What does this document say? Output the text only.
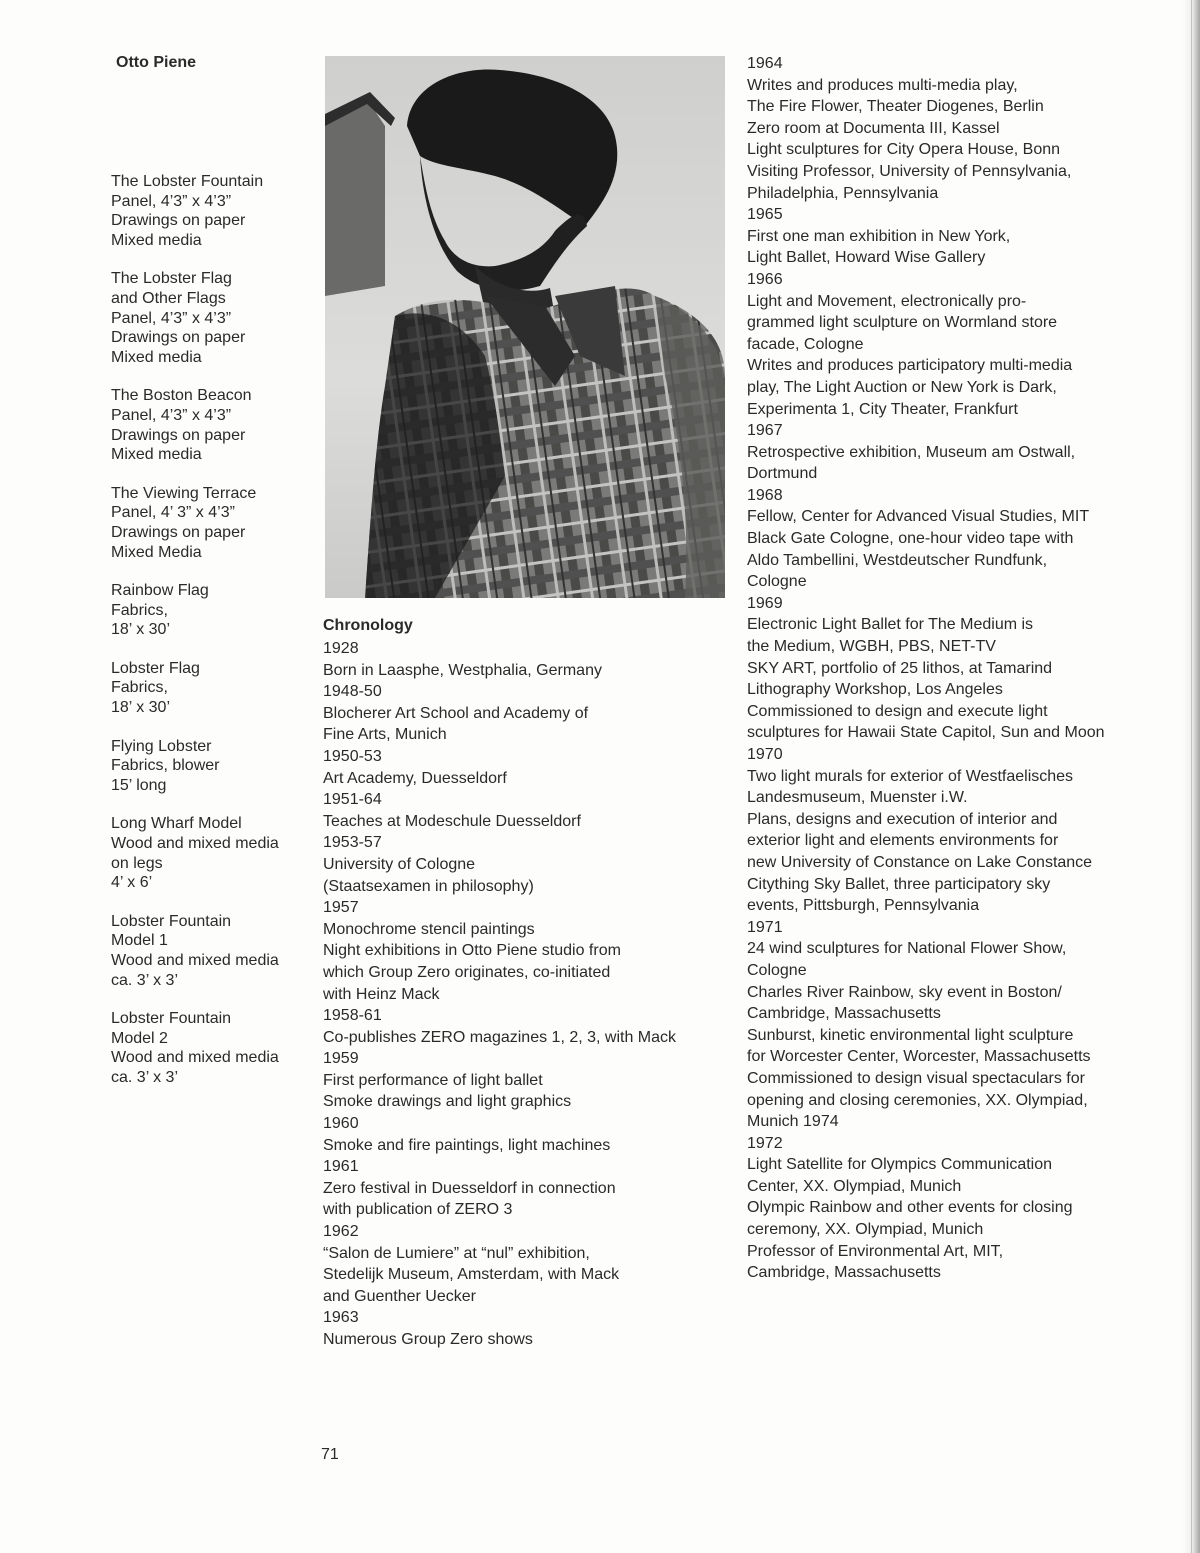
Otto Piene
The Lobster Fountain
Panel, 4’3” x 4’3”
Drawings on paper
Mixed media
The Lobster Flag
and Other Flags
Panel, 4’3” x 4’3”
Drawings on paper
Mixed media
The Boston Beacon
Panel, 4’3” x 4’3”
Drawings on paper
Mixed media
The Viewing Terrace
Panel, 4’ 3” x 4’3”
Drawings on paper
Mixed Media
Rainbow Flag
Fabrics,
18’ x 30’
Lobster Flag
Fabrics,
18’ x 30’
Flying Lobster
Fabrics, blower
15’ long
Long Wharf Model
Wood and mixed media
on legs
4’ x 6’
Lobster Fountain
Model 1
Wood and mixed media
ca. 3’ x 3’
Lobster Fountain
Model 2
Wood and mixed media
ca. 3’ x 3’
Chronology
1928
Born in Laasphe, Westphalia, Germany
1948-50
Blocherer Art School and Academy of
Fine Arts, Munich
1950-53
Art Academy, Duesseldorf
1951-64
Teaches at Modeschule Duesseldorf
1953-57
University of Cologne
(Staatsexamen in philosophy)
1957
Monochrome stencil paintings
Night exhibitions in Otto Piene studio from
which Group Zero originates, co-initiated
with Heinz Mack
1958-61
Co-publishes ZERO magazines 1, 2, 3, with Mack
1959
First performance of light ballet
Smoke drawings and light graphics
1960
Smoke and fire paintings, light machines
1961
Zero festival in Duesseldorf in connection
with publication of ZERO 3
1962
“Salon de Lumiere” at “nul” exhibition,
Stedelijk Museum, Amsterdam, with Mack
and Guenther Uecker
1963
Numerous Group Zero shows
1964
Writes and produces multi-media play,
The Fire Flower, Theater Diogenes, Berlin
Zero room at Documenta III, Kassel
Light sculptures for City Opera House, Bonn
Visiting Professor, University of Pennsylvania,
Philadelphia, Pennsylvania
1965
First one man exhibition in New York,
Light Ballet, Howard Wise Gallery
1966
Light and Movement, electronically pro-
grammed light sculpture on Wormland store
facade, Cologne
Writes and produces participatory multi-media
play, The Light Auction or New York is Dark,
Experimenta 1, City Theater, Frankfurt
1967
Retrospective exhibition, Museum am Ostwall,
Dortmund
1968
Fellow, Center for Advanced Visual Studies, MIT
Black Gate Cologne, one-hour video tape with
Aldo Tambellini, Westdeutscher Rundfunk,
Cologne
1969
Electronic Light Ballet for The Medium is
the Medium, WGBH, PBS, NET-TV
SKY ART, portfolio of 25 lithos, at Tamarind
Lithography Workshop, Los Angeles
Commissioned to design and execute light
sculptures for Hawaii State Capitol, Sun and Moon
1970
Two light murals for exterior of Westfaelisches
Landesmuseum, Muenster i.W.
Plans, designs and execution of interior and
exterior light and elements environments for
new University of Constance on Lake Constance
Citything Sky Ballet, three participatory sky
events, Pittsburgh, Pennsylvania
1971
24 wind sculptures for National Flower Show,
Cologne
Charles River Rainbow, sky event in Boston/
Cambridge, Massachusetts
Sunburst, kinetic environmental light sculpture
for Worcester Center, Worcester, Massachusetts
Commissioned to design visual spectaculars for
opening and closing ceremonies, XX. Olympiad,
Munich 1974
1972
Light Satellite for Olympics Communication
Center, XX. Olympiad, Munich
Olympic Rainbow and other events for closing
ceremony, XX. Olympiad, Munich
Professor of Environmental Art, MIT,
Cambridge, Massachusetts
71
